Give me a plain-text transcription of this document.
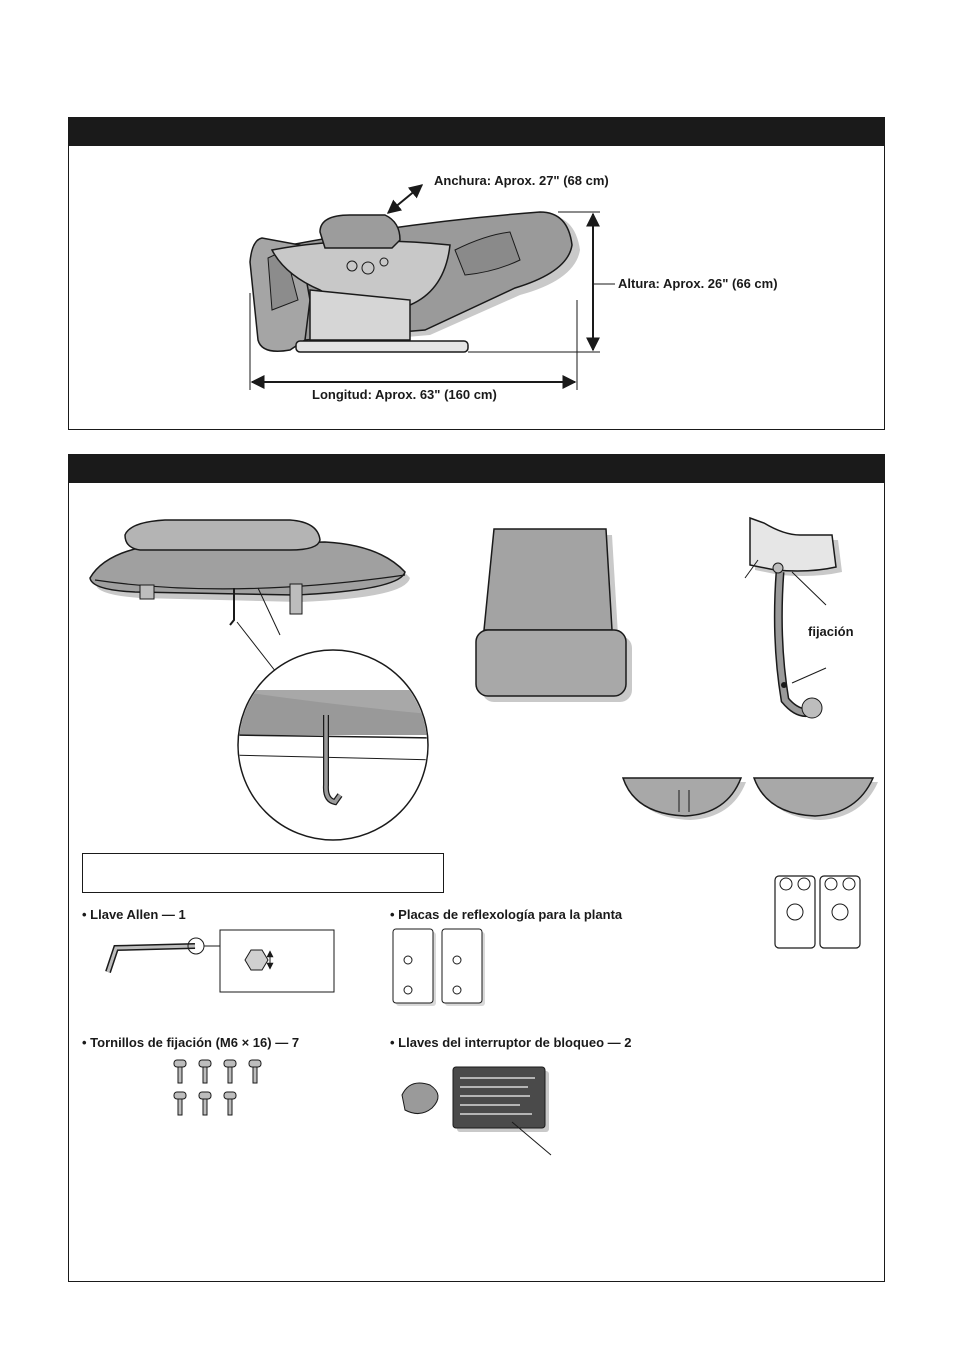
Anchura: Aprox. 27" (68 cm)
Altura: Aprox. 26" (66 cm)
Longitud: Aprox. 63" (160 cm)
fijación
• Llave Allen — 1	• Placas de reflexología para la planta
• Tornillos de fijación (M6 × 16) — 7	• Llaves del interruptor de bloqueo — 2
